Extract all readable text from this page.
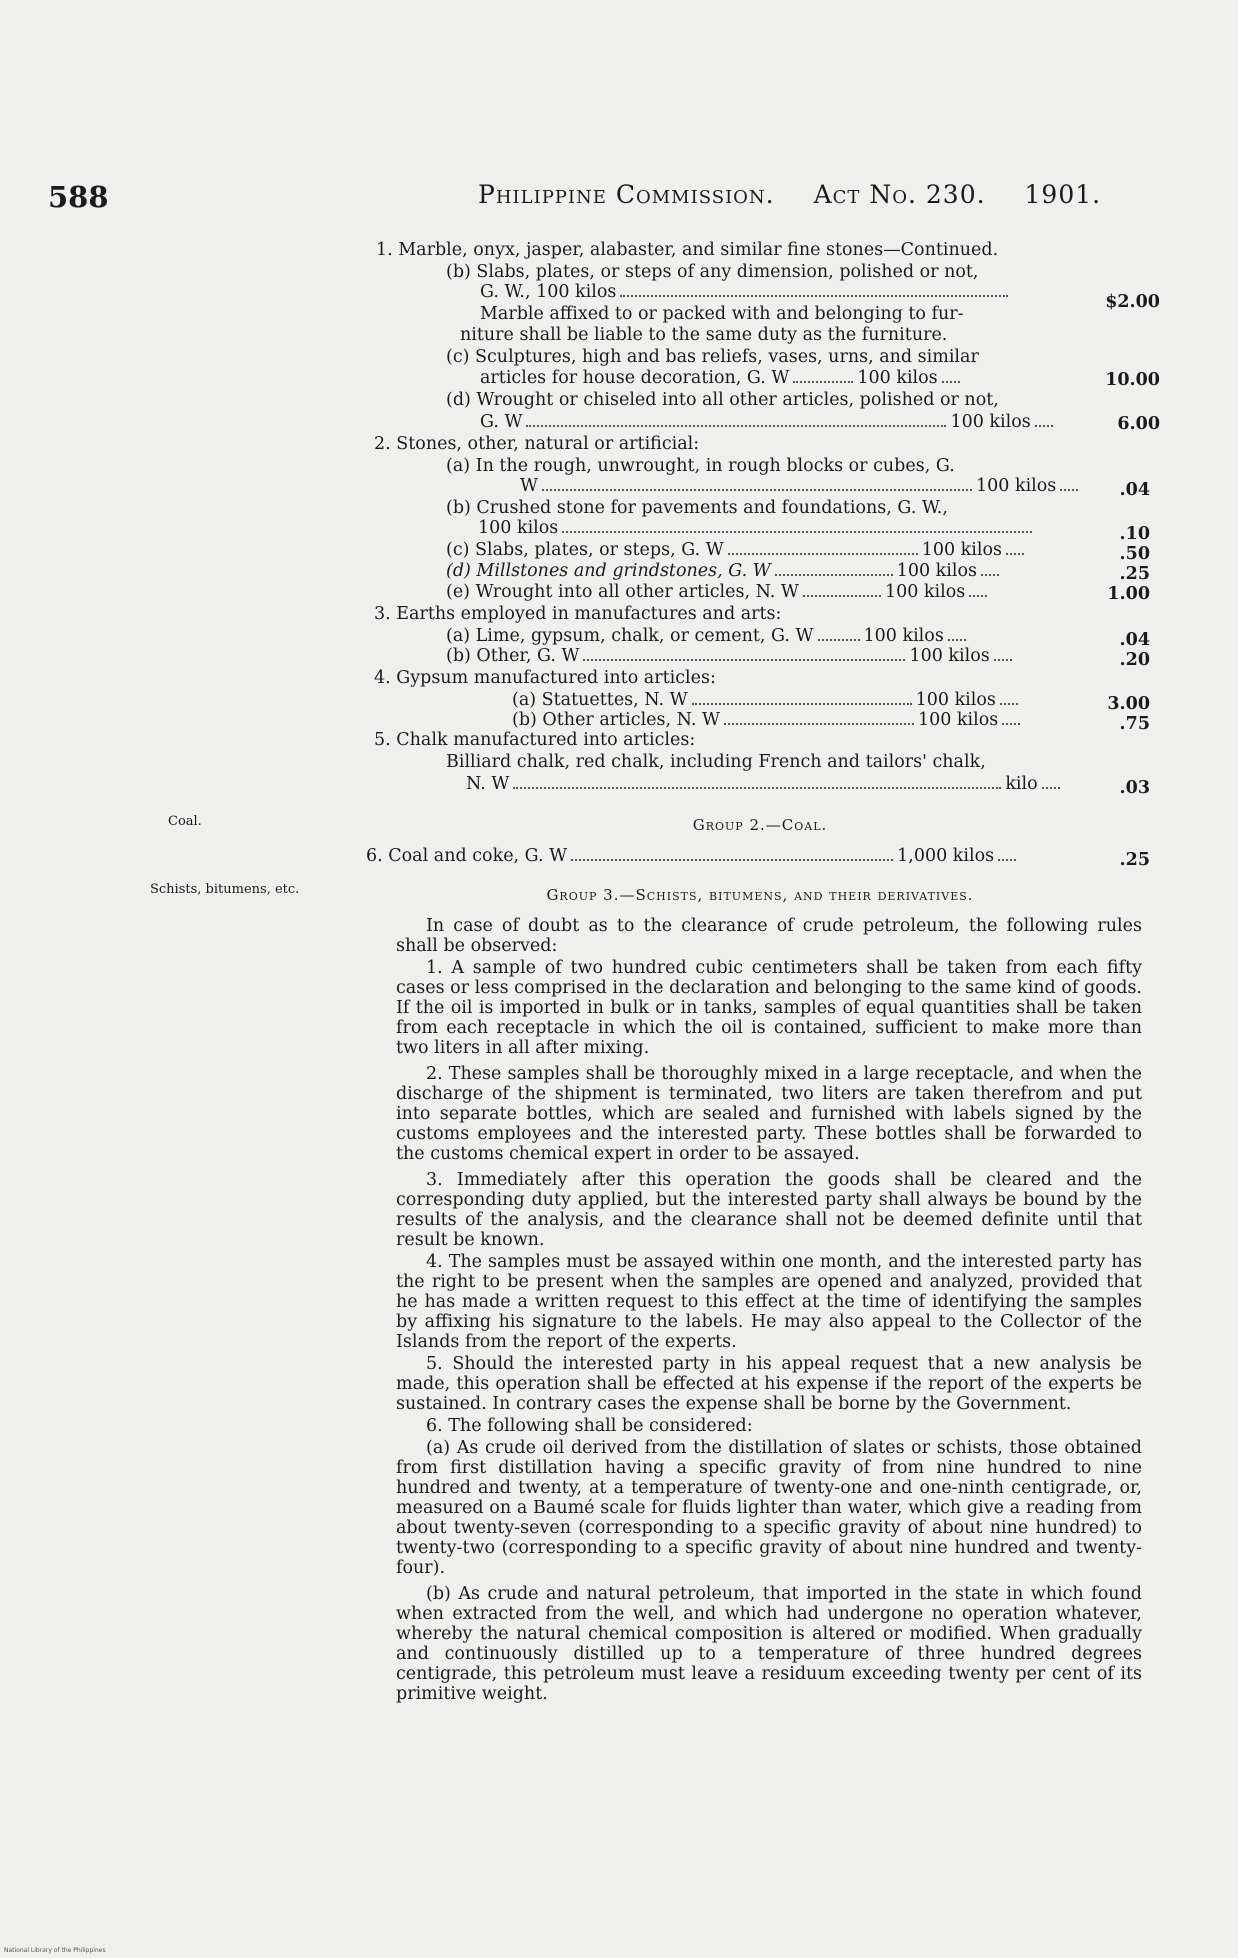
588	Philippine Commission. Act No. 230. 1901.
1. Marble, onyx, jasper, alabaster, and similar fine stones—Continued.
(b) Slabs, plates, or steps of any dimension, polished or not,
G. W., 100 kilos	$2.00
Marble affixed to or packed with and belonging to fur-
niture shall be liable to the same duty as the furniture.
(c) Sculptures, high and bas reliefs, vases, urns, and similar
articles for house decoration, G. W	100 kilos	10.00
(d) Wrought or chiseled into all other articles, polished or not,
G. W	100 kilos	6.00
2. Stones, other, natural or artificial:
(a) In the rough, unwrought, in rough blocks or cubes, G.
W	100 kilos	.04
(b) Crushed stone for pavements and foundations, G. W.,
100 kilos	.10
(c) Slabs, plates, or steps, G. W	100 kilos	.50
(d) Millstones and grindstones, G. W	100 kilos	.25
(e) Wrought into all other articles, N. W	100 kilos	1.00
3. Earths employed in manufactures and arts:
(a) Lime, gypsum, chalk, or cement, G. W	100 kilos	.04
(b) Other, G. W	100 kilos	.20
4. Gypsum manufactured into articles:
(a) Statuettes, N. W	100 kilos	3.00
(b) Other articles, N. W	100 kilos	.75
5. Chalk manufactured into articles:
Billiard chalk, red chalk, including French and tailors' chalk,
N. W	kilo	.03
Coal.	Group 2.—Coal.
6. Coal and coke, G. W	1,000 kilos	.25
Schists, bitumens, etc.	Group 3.—Schists, bitumens, and their derivatives.

In case of doubt as to the clearance of crude petroleum, the following rules shall be observed:

1. A sample of two hundred cubic centimeters shall be taken from each fifty cases or less comprised in the declaration and belonging to the same kind of goods. If the oil is imported in bulk or in tanks, samples of equal quantities shall be taken from each receptacle in which the oil is contained, sufficient to make more than two liters in all after mixing.

2. These samples shall be thoroughly mixed in a large receptacle, and when the discharge of the shipment is terminated, two liters are taken therefrom and put into separate bottles, which are sealed and furnished with labels signed by the customs employees and the interested party. These bottles shall be forwarded to the customs chemical expert in order to be assayed.

3. Immediately after this operation the goods shall be cleared and the corresponding duty applied, but the interested party shall always be bound by the results of the analysis, and the clearance shall not be deemed definite until that result be known.

4. The samples must be assayed within one month, and the interested party has the right to be present when the samples are opened and analyzed, provided that he has made a written request to this effect at the time of identifying the samples by affixing his signature to the labels. He may also appeal to the Collector of the Islands from the report of the experts.

5. Should the interested party in his appeal request that a new analysis be made, this operation shall be effected at his expense if the report of the experts be sustained. In contrary cases the expense shall be borne by the Government.

6. The following shall be considered:

(a) As crude oil derived from the distillation of slates or schists, those obtained from first distillation having a specific gravity of from nine hundred to nine hundred and twenty, at a temperature of twenty-one and one-ninth centigrade, or, measured on a Baumé scale for fluids lighter than water, which give a reading from about twenty-seven (corresponding to a specific gravity of about nine hundred) to twenty-two (corresponding to a specific gravity of about nine hundred and twenty-four).

(b) As crude and natural petroleum, that imported in the state in which found when extracted from the well, and which had undergone no operation whatever, whereby the natural chemical composition is altered or modified. When gradually and continuously distilled up to a temperature of three hundred degrees centigrade, this petroleum must leave a residuum exceeding twenty per cent of its primitive weight.

National Library of the Philippines
